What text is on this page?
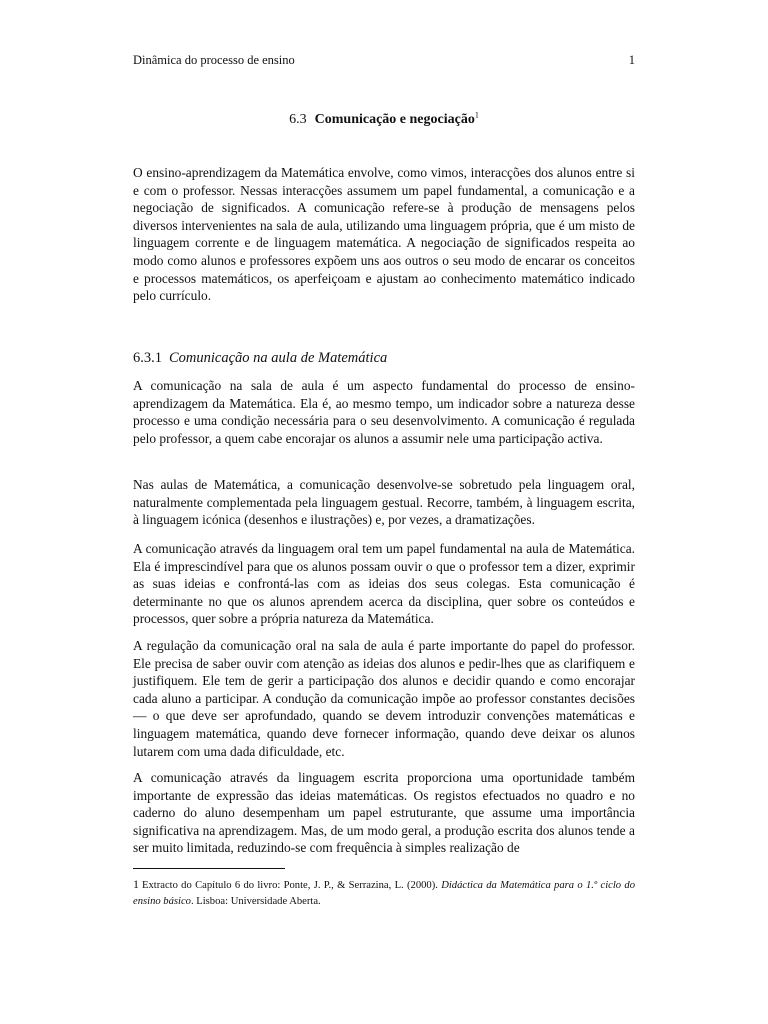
Dinâmica do processo de ensino	1
6.3 Comunicação e negociação$^1$

O ensino-aprendizagem da Matemática envolve, como vimos, interacções dos alunos entre si e com o professor. Nessas interacções assumem um papel fundamental, a comunicação e a negociação de significados. A comunicação refere-se à produção de mensagens pelos diversos intervenientes na sala de aula, utilizando uma linguagem própria, que é um misto de linguagem corrente e de linguagem matemática. A negociação de significados respeita ao modo como alunos e professores expõem uns aos outros o seu modo de encarar os conceitos e processos matemáticos, os aperfeiçoam e ajustam ao conhecimento matemático indicado pelo currículo.

6.3.1 Comunicação na aula de Matemática

A comunicação na sala de aula é um aspecto fundamental do processo de ensino-aprendizagem da Matemática. Ela é, ao mesmo tempo, um indicador sobre a natureza desse processo e uma condição necessária para o seu desenvolvimento. A comunicação é regulada pelo professor, a quem cabe encorajar os alunos a assumir nele uma participação activa.

Nas aulas de Matemática, a comunicação desenvolve-se sobretudo pela linguagem oral, naturalmente complementada pela linguagem gestual. Recorre, também, à linguagem escrita, à linguagem icónica (desenhos e ilustrações) e, por vezes, a dramatizações.

A comunicação através da linguagem oral tem um papel fundamental na aula de Matemática. Ela é imprescindível para que os alunos possam ouvir o que o professor tem a dizer, exprimir as suas ideias e confrontá-las com as ideias dos seus colegas. Esta comunicação é determinante no que os alunos aprendem acerca da disciplina, quer sobre os conteúdos e processos, quer sobre a própria natureza da Matemática.

A regulação da comunicação oral na sala de aula é parte importante do papel do professor. Ele precisa de saber ouvir com atenção as ideias dos alunos e pedir-lhes que as clarifiquem e justifiquem. Ele tem de gerir a participação dos alunos e decidir quando e como encorajar cada aluno a participar. A condução da comunicação impõe ao professor constantes decisões — o que deve ser aprofundado, quando se devem introduzir convenções matemáticas e linguagem matemática, quando deve fornecer informação, quando deve deixar os alunos lutarem com uma dada dificuldade, etc.

A comunicação através da linguagem escrita proporciona uma oportunidade também importante de expressão das ideias matemáticas. Os registos efectuados no quadro e no caderno do aluno desempenham um papel estruturante, que assume uma importância significativa na aprendizagem. Mas, de um modo geral, a produção escrita dos alunos tende a ser muito limitada, reduzindo-se com frequência à simples realização de

1 Extracto do Capítulo 6 do livro: Ponte, J. P., & Serrazina, L. (2000). Didáctica da Matemática para o 1.º ciclo do ensino básico. Lisboa: Universidade Aberta.
